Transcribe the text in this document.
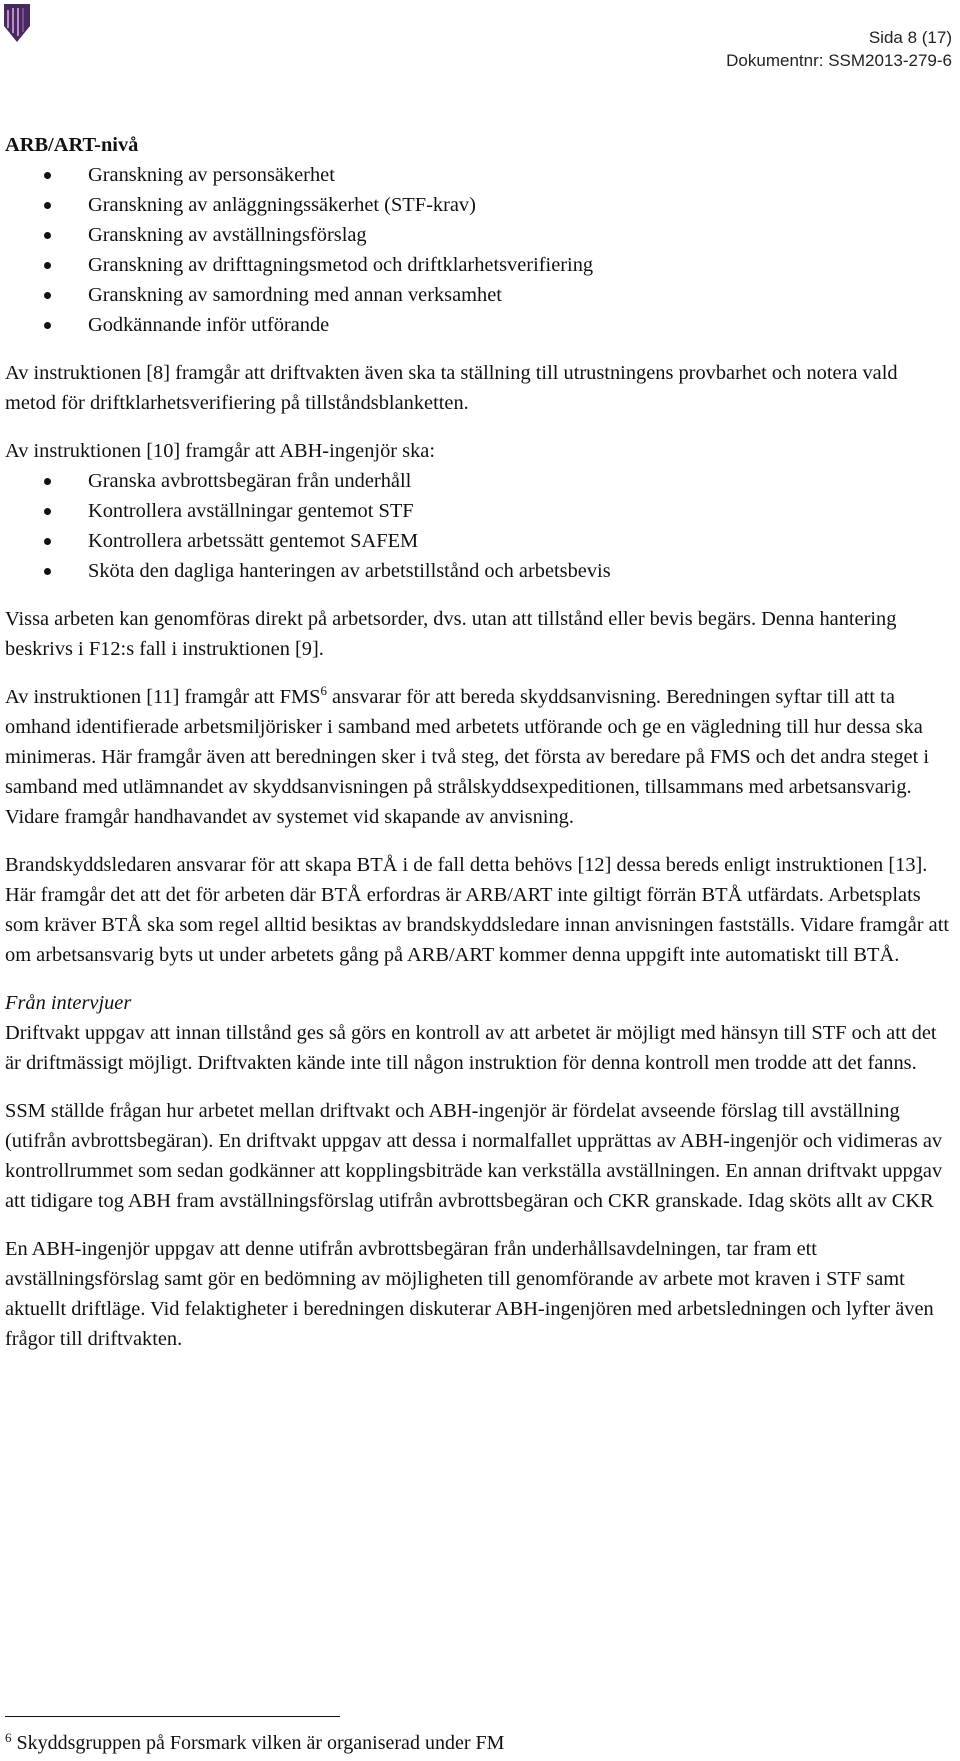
Sida 8 (17)
Dokumentnr: SSM2013-279-6

ARB/ART-nivå

Granskning av personsäkerhet
Granskning av anläggningssäkerhet (STF-krav)
Granskning av avställningsförslag
Granskning av drifttagningsmetod och driftklarhetsverifiering
Granskning av samordning med annan verksamhet
Godkännande inför utförande

Av instruktionen [8] framgår att driftvakten även ska ta ställning till utrustningens provbarhet och notera vald metod för driftklarhetsverifiering på tillståndsblanketten.

Av instruktionen [10] framgår att ABH-ingenjör ska:

Granska avbrottsbegäran från underhåll
Kontrollera avställningar gentemot STF
Kontrollera arbetssätt gentemot SAFEM
Sköta den dagliga hanteringen av arbetstillstånd och arbetsbevis

Vissa arbeten kan genomföras direkt på arbetsorder, dvs. utan att tillstånd eller bevis begärs. Denna hantering beskrivs i F12:s fall i instruktionen [9].

Av instruktionen [11] framgår att FMS$^6$ ansvarar för att bereda skyddsanvisning. Beredningen syftar till att ta omhand identifierade arbetsmiljörisker i samband med arbetets utförande och ge en vägledning till hur dessa ska minimeras. Här framgår även att beredningen sker i två steg, det första av beredare på FMS och det andra steget i samband med utlämnandet av skyddsanvisningen på strålskyddsexpeditionen, tillsammans med arbetsansvarig. Vidare framgår handhavandet av systemet vid skapande av anvisning.

Brandskyddsledaren ansvarar för att skapa BTÅ i de fall detta behövs [12] dessa bereds enligt instruktionen [13]. Här framgår det att det för arbeten där BTÅ erfordras är ARB/ART inte giltigt förrän BTÅ utfärdats. Arbetsplats som kräver BTÅ ska som regel alltid besiktas av brandskyddsledare innan anvisningen fastställs. Vidare framgår att om arbetsansvarig byts ut under arbetets gång på ARB/ART kommer denna uppgift inte automatiskt till BTÅ.

Från intervjuer

Driftvakt uppgav att innan tillstånd ges så görs en kontroll av att arbetet är möjligt med hänsyn till STF och att det är driftmässigt möjligt. Driftvakten kände inte till någon instruktion för denna kontroll men trodde att det fanns.

SSM ställde frågan hur arbetet mellan driftvakt och ABH-ingenjör är fördelat avseende förslag till avställning (utifrån avbrottsbegäran). En driftvakt uppgav att dessa i normalfallet upprättas av ABH-ingenjör och vidimeras av kontrollrummet som sedan godkänner att kopplingsbiträde kan verkställa avställningen. En annan driftvakt uppgav att tidigare tog ABH fram avställningsförslag utifrån avbrottsbegäran och CKR granskade. Idag sköts allt av CKR

En ABH-ingenjör uppgav att denne utifrån avbrottsbegäran från underhållsavdelningen, tar fram ett avställningsförslag samt gör en bedömning av möjligheten till genomförande av arbete mot kraven i STF samt aktuellt driftläge. Vid felaktigheter i beredningen diskuterar ABH-ingenjören med arbetsledningen och lyfter även frågor till driftvakten.

$^6$ Skyddsgruppen på Forsmark vilken är organiserad under FM
